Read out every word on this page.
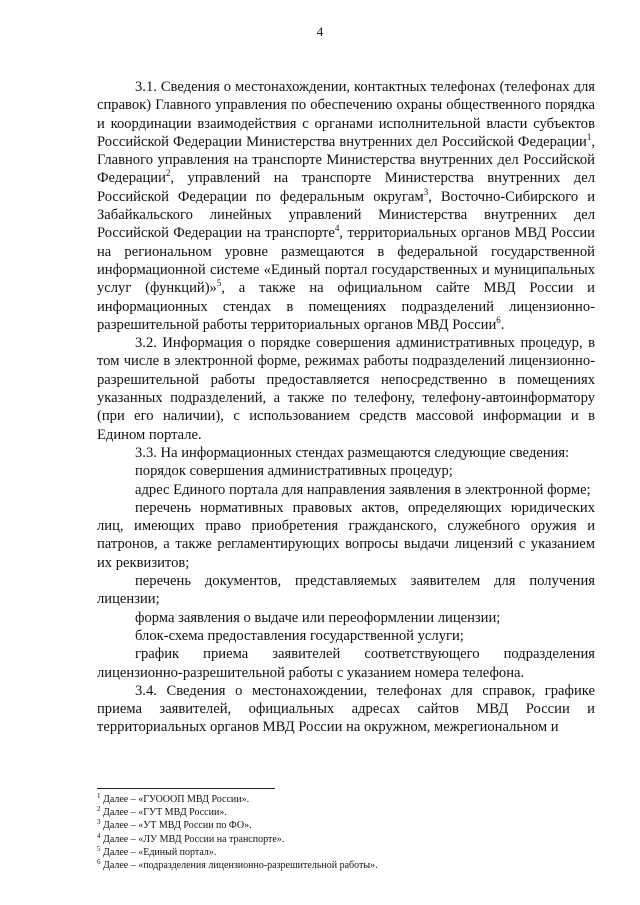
4

3.1. Сведения о местонахождении, контактных телефонах (телефонах для справок) Главного управления по обеспечению охраны общественного порядка и координации взаимодействия с органами исполнительной власти субъектов Российской Федерации Министерства внутренних дел Российской Федерации$^1$, Главного управления на транспорте Министерства внутренних дел Российской Федерации$^2$, управлений на транспорте Министерства внутренних дел Российской Федерации по федеральным округам$^3$, Восточно-Сибирского и Забайкальского линейных управлений Министерства внутренних дел Российской Федерации на транспорте$^4$, территориальных органов МВД России на региональном уровне размещаются в федеральной государственной информационной системе «Единый портал государственных и муниципальных услуг (функций)»$^5$, а также на официальном сайте МВД России и информационных стендах в помещениях подразделений лицензионно-разрешительной работы территориальных органов МВД России$^6$.

3.2. Информация о порядке совершения административных процедур, в том числе в электронной форме, режимах работы подразделений лицензионно-разрешительной работы предоставляется непосредственно в помещениях указанных подразделений, а также по телефону, телефону-автоинформатору (при его наличии), с использованием средств массовой информации и в Едином портале.

3.3. На информационных стендах размещаются следующие сведения:

порядок совершения административных процедур;

адрес Единого портала для направления заявления в электронной форме;

перечень нормативных правовых актов, определяющих юридических лиц, имеющих право приобретения гражданского, служебного оружия и патронов, а также регламентирующих вопросы выдачи лицензий с указанием их реквизитов;

перечень документов, представляемых заявителем для получения лицензии;

форма заявления о выдаче или переоформлении лицензии;

блок-схема предоставления государственной услуги;

график приема заявителей соответствующего подразделения лицензионно-разрешительной работы с указанием номера телефона.

3.4. Сведения о местонахождении, телефонах для справок, графике приема заявителей, официальных адресах сайтов МВД России и территориальных органов МВД России на окружном, межрегиональном и

$^1$ Далее – «ГУОООП МВД России».
$^2$ Далее – «ГУТ МВД России».
$^3$ Далее – «УТ МВД России по ФО».
$^4$ Далее – «ЛУ МВД России на транспорте».
$^5$ Далее – «Единый портал».
$^6$ Далее – «подразделения лицензионно-разрешительной работы».
